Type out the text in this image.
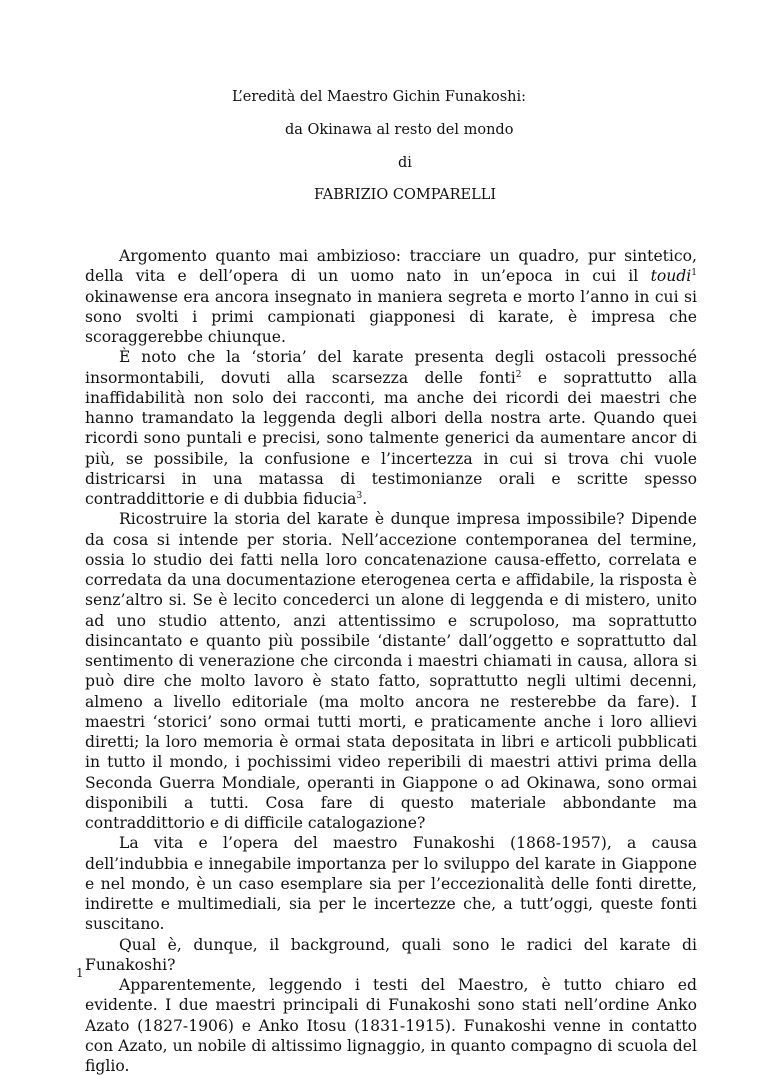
L’eredità del Maestro Gichin Funakoshi:
da Okinawa al resto del mondo
di
FABRIZIO COMPARELLI

Argomento quanto mai ambizioso: tracciare un quadro, pur sintetico, della vita e dell’opera di un uomo nato in un’epoca in cui il toudi$^1$ okinawense era ancora insegnato in maniera segreta e morto l’anno in cui si sono svolti i primi campionati giapponesi di karate, è impresa che scoraggerebbe chiunque.

È noto che la ‘storia’ del karate presenta degli ostacoli pressoché insormontabili, dovuti alla scarsezza delle fonti$^2$ e soprattutto alla inaffidabilità non solo dei racconti, ma anche dei ricordi dei maestri che hanno tramandato la leggenda degli albori della nostra arte. Quando quei ricordi sono puntali e precisi, sono talmente generici da aumentare ancor di più, se possibile, la confusione e l’incertezza in cui si trova chi vuole districarsi in una matassa di testimonianze orali e scritte spesso contraddittorie e di dubbia fiducia$^3$.

Ricostruire la storia del karate è dunque impresa impossibile? Dipende da cosa si intende per storia. Nell’accezione contemporanea del termine, ossia lo studio dei fatti nella loro concatenazione causa-effetto, correlata e corredata da una documentazione eterogenea certa e affidabile, la risposta è senz’altro si. Se è lecito concederci un alone di leggenda e di mistero, unito ad uno studio attento, anzi attentissimo e scrupoloso, ma soprattutto disincantato e quanto più possibile ‘distante’ dall’oggetto e soprattutto dal sentimento di venerazione che circonda i maestri chiamati in causa, allora si può dire che molto lavoro è stato fatto, soprattutto negli ultimi decenni, almeno a livello editoriale (ma molto ancora ne resterebbe da fare). I maestri ‘storici’ sono ormai tutti morti, e praticamente anche i loro allievi diretti; la loro memoria è ormai stata depositata in libri e articoli pubblicati in tutto il mondo, i pochissimi video reperibili di maestri attivi prima della Seconda Guerra Mondiale, operanti in Giappone o ad Okinawa, sono ormai disponibili a tutti. Cosa fare di questo materiale abbondante ma contraddittorio e di difficile catalogazione?

La vita e l’opera del maestro Funakoshi (1868-1957), a causa dell’indubbia e innegabile importanza per lo sviluppo del karate in Giappone e nel mondo, è un caso esemplare sia per l’eccezionalità delle fonti dirette, indirette e multimediali, sia per le incertezze che, a tutt’oggi, queste fonti suscitano.

Qual è, dunque, il background, quali sono le radici del karate di Funakoshi?

Apparentemente, leggendo i testi del Maestro, è tutto chiaro ed evidente. I due maestri principali di Funakoshi sono stati nell’ordine Anko Azato (1827-1906) e Anko Itosu (1831-1915). Funakoshi venne in contatto con Azato, un nobile di altissimo lignaggio, in quanto compagno di scuola del figlio.

1
